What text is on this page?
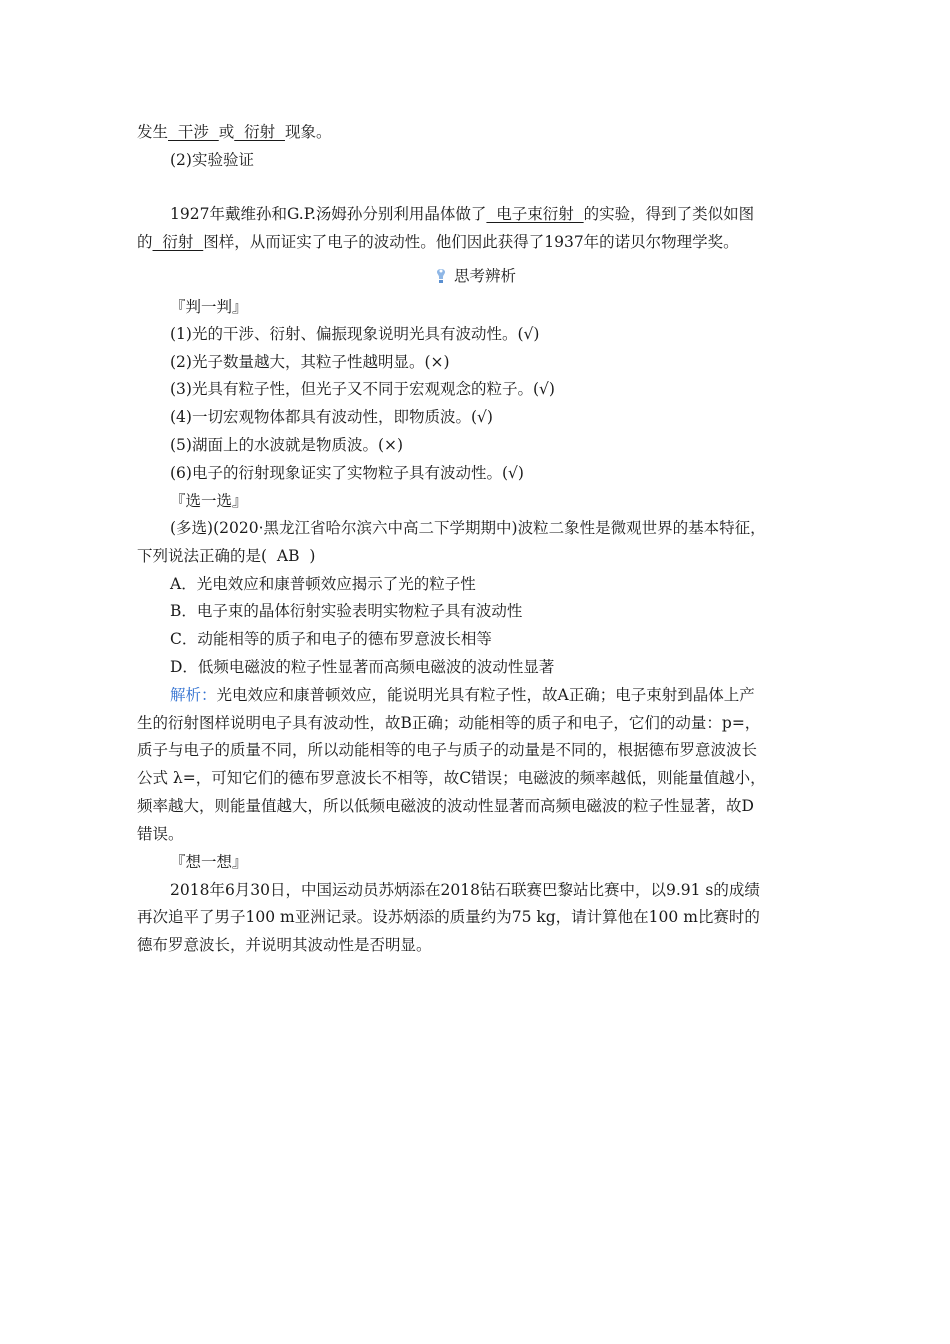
发生  干涉  或  衍射  现象。
(2)实验验证
1927年戴维孙和G.P.汤姆孙分别利用晶体做了  电子束衍射  的实验，得到了类似如图
的  衍射  图样，从而证实了电子的波动性。他们因此获得了1937年的诺贝尔物理学奖。
思考辨析
『判一判』
(1)光的干涉、衍射、偏振现象说明光具有波动性。(√)
(2)光子数量越大，其粒子性越明显。(×)
(3)光具有粒子性，但光子又不同于宏观观念的粒子。(√)
(4)一切宏观物体都具有波动性，即物质波。(√)
(5)湖面上的水波就是物质波。(×)
(6)电子的衍射现象证实了实物粒子具有波动性。(√)
『选一选』
(多选)(2020·黑龙江省哈尔滨六中高二下学期期中)波粒二象性是微观世界的基本特征，
下列说法正确的是(  AB  )
A．光电效应和康普顿效应揭示了光的粒子性
B．电子束的晶体衍射实验表明实物粒子具有波动性
C．动能相等的质子和电子的德布罗意波长相等
D．低频电磁波的粒子性显著而高频电磁波的波动性显著
解析：光电效应和康普顿效应，能说明光具有粒子性，故A正确；电子束射到晶体上产
生的衍射图样说明电子具有波动性，故B正确；动能相等的质子和电子，它们的动量：p=，
质子与电子的质量不同，所以动能相等的电子与质子的动量是不同的，根据德布罗意波波长
公式 λ=，可知它们的德布罗意波长不相等，故C错误；电磁波的频率越低，则能量值越小，
频率越大，则能量值越大，所以低频电磁波的波动性显著而高频电磁波的粒子性显著，故D
错误。
『想一想』
2018年6月30日，中国运动员苏炳添在2018钻石联赛巴黎站比赛中，以9.91 s的成绩
再次追平了男子100 m亚洲记录。设苏炳添的质量约为75 kg，请计算他在100 m比赛时的
德布罗意波长，并说明其波动性是否明显。
